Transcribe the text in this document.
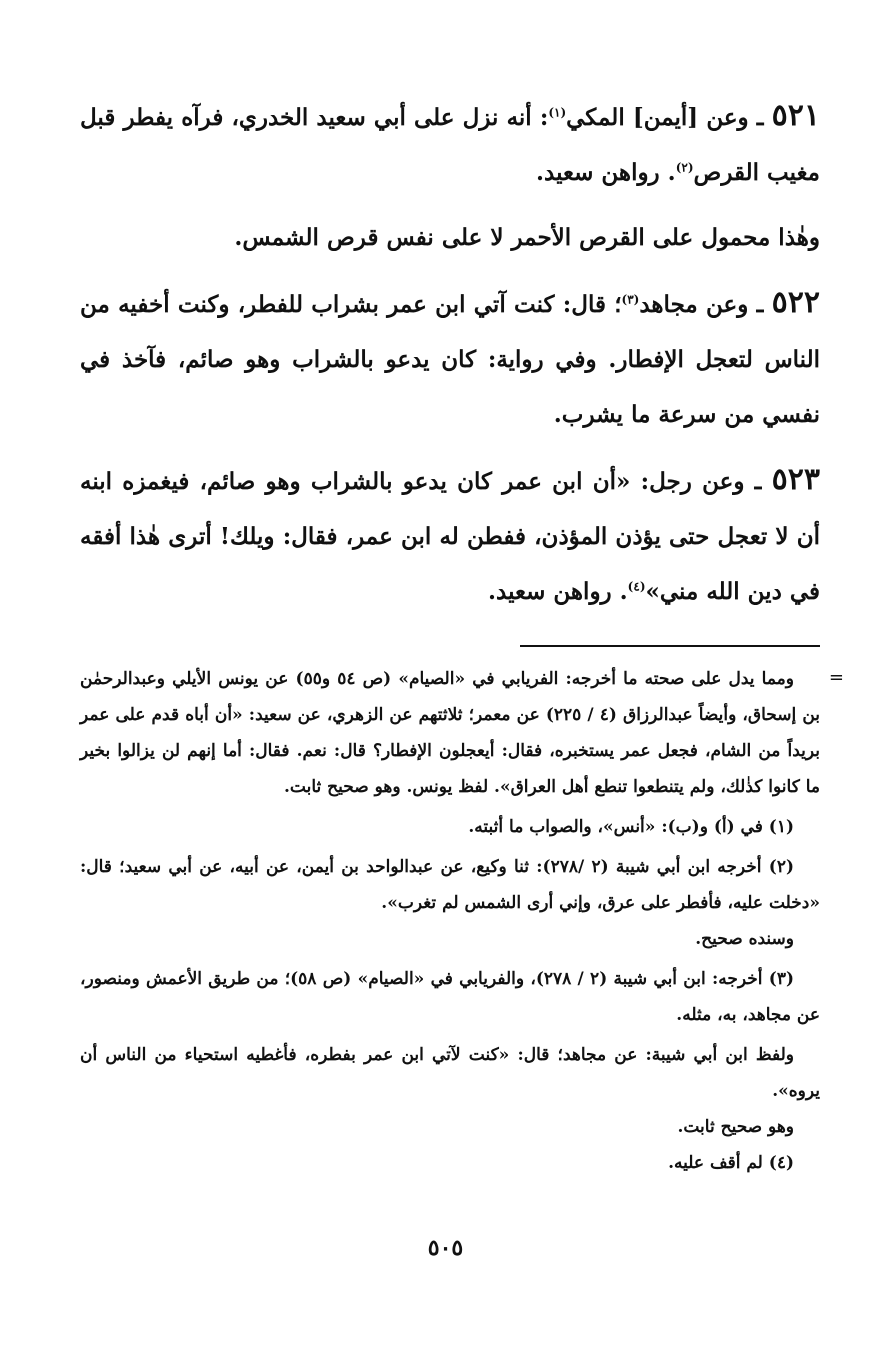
٥٢١ ـ وعن [أيمن] المكي$^{(١)}$: أنه نزل على أبي سعيد الخدري، فرآه يفطر قبل مغيب القرص$^{(٢)}$. رواهن سعيد.

وهٰذا محمول على القرص الأحمر لا على نفس قرص الشمس.

٥٢٢ ـ وعن مجاهد$^{(٣)}$؛ قال: كنت آتي ابن عمر بشراب للفطر، وكنت أخفيه من الناس لتعجل الإفطار. وفي رواية: كان يدعو بالشراب وهو صائم، فآخذ في نفسي من سرعة ما يشرب.

٥٢٣ ـ وعن رجل: «أن ابن عمر كان يدعو بالشراب وهو صائم، فيغمزه ابنه أن لا تعجل حتى يؤذن المؤذن، ففطن له ابن عمر، فقال: ويلك! أترى هٰذا أفقه في دين الله مني»$^{(٤)}$. رواهن سعيد.

=

ومما يدل على صحته ما أخرجه: الفريابي في «الصيام» (ص ٥٤ و٥٥) عن يونس الأيلي وعبدالرحمٰن بن إسحاق، وأيضاً عبدالرزاق (٤ / ٢٢٥) عن معمر؛ ثلاثتهم عن الزهري، عن سعيد: «أن أباه قدم على عمر بريداً من الشام، فجعل عمر يستخبره، فقال: أيعجلون الإفطار؟ قال: نعم. فقال: أما إنهم لن يزالوا بخير ما كانوا كذٰلك، ولم يتنطعوا تنطع أهل العراق». لفظ يونس. وهو صحيح ثابت.

(١) في (أ) و(ب): «أنس»، والصواب ما أثبته.

(٢) أخرجه ابن أبي شيبة (٢ /٢٧٨): ثنا وكيع، عن عبدالواحد بن أيمن، عن أبيه، عن أبي سعيد؛ قال: «دخلت عليه، فأفطر على عرق، وإني أرى الشمس لم تغرب».

وسنده صحيح.

(٣) أخرجه: ابن أبي شيبة (٢ / ٢٧٨)، والفريابي في «الصيام» (ص ٥٨)؛ من طريق الأعمش ومنصور، عن مجاهد، به، مثله.

ولفظ ابن أبي شيبة: عن مجاهد؛ قال: «كنت لآتي ابن عمر بفطره، فأغطيه استحياء من الناس أن يروه».

وهو صحيح ثابت.

(٤) لم أقف عليه.

٥٠٥
